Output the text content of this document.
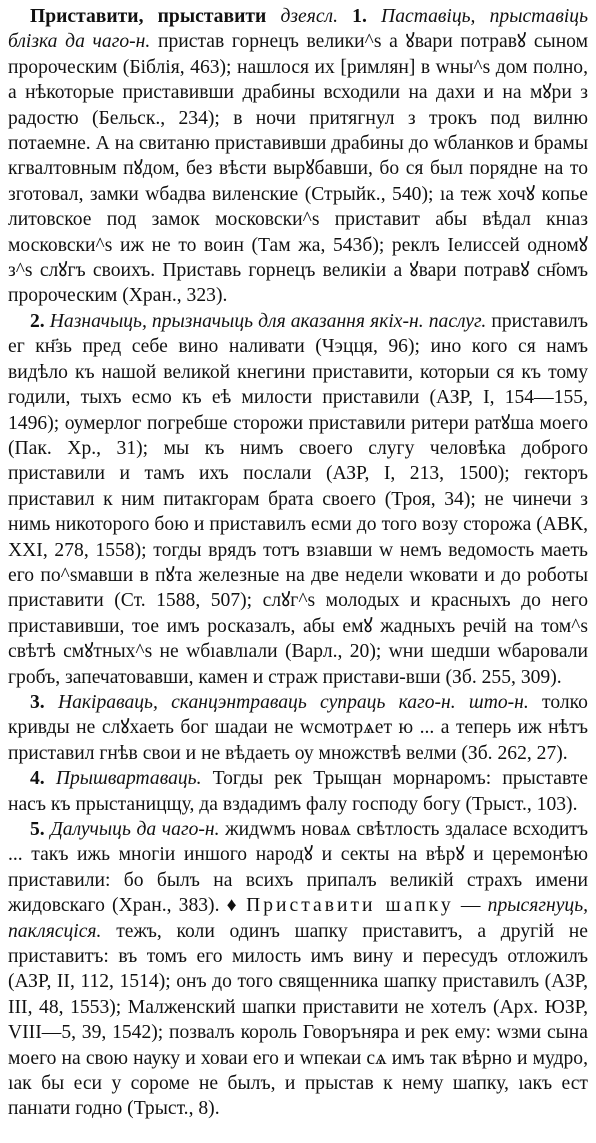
Приставити, прыставити дзеясл. 1. Паставіць, прыставіць блізка да чаго-н. пристав горнецъ велики^s а ꙋвари потравꙋ сыном пророческим (Біблія, 463); нашлося их [римлян] в wны^s дом полно, а нѣкоторые приставивши драбины всходили на дахи и на мꙋри з радостю (Бельск., 234); в ночи притягнул з трокъ под вилню потаемне. А на свитаню приставивши драбины до wбланков и брамы кгвалтовным пꙋдом, без вѣсти вырꙋбавши, бо ся был порядне на то зготовал, замки wбадва виленские (Стрыйк., 540); ıа теж хочꙋ копье литовское под замок московски^s приставит абы вѣдал кнıаз московски^s иж не то воин (Там жа, 543б); реклъ Іелиссей одномꙋ з^s слꙋгъ своихъ. Приставь горнецъ великіи а ꙋвари потравꙋ сн҃омъ пророческим (Хран., 323).

2. Назначыць, прызначыць для аказання якіх-н. паслуг. приставилъ ег кн҃зь пред себе вино наливати (Чэцця, 96); ино кого ся намъ видѣло къ нашой великой кнегини приставити, которыи ся къ тому годили, тыхъ есмо къ еѣ милости приставили (АЗР, I, 154—155, 1496); оумерлог погребше сторожи приставили ритери ратꙋша моего (Пак. Хр., 31); мы къ нимъ своего слугу человѣка доброго приставили и тамъ ихъ послали (АЗР, I, 213, 1500); гекторъ приставил к ним питакгорам брата своего (Троя, 34); не чинечи з нимь никоторого бою и приставилъ есми до того возу сторожа (АВК, XXI, 278, 1558); тогды врядъ тотъ взıавши w немъ ведомость маеть его по^sмавши в пꙋта железные на две недели wковати и до роботы приставити (Ст. 1588, 507); слꙋг^s молодых и красныхъ до него приставивши, тое имъ росказалъ, абы емꙋ жадныхъ речій на том^s свѣтѣ смꙋтных^s не wбıавлıали (Варл., 20); wни шедши wбаровали гробъ, запечатовавши, камен и страж пристави-вши (Зб. 255, 309).

3. Накіраваць, сканцэнтраваць супраць каго-н. што-н. толко кривды не слꙋхаеть бог шадаи не wсмотрѧет ю ... а теперь иж нѣтъ приставил гнѣв свои и не вѣдаеть оу множствѣ велми (Зб. 262, 27).

4. Прышвартаваць. Тогды рек Трыщан морнаромъ: прыставте насъ къ прыстаницщу, да вздадимъ фалу господу богу (Трыст., 103).

5. Далучыць да чаго-н. жидwмъ новаѧ свѣтлость здаласе всходитъ ... такъ ижь многіи иншого народꙋ и секты на вѣрꙋ и церемонѣю приставили: бо былъ на всихъ припалъ великій страхъ имени жидовскаго (Хран., 383). ♦ Приставити шапку — прысягнуць, паклясціся. тежъ, коли одинъ шапку приставитъ, а другій не приставитъ: въ томъ его милость имъ вину и пересудъ отложилъ (АЗР, II, 112, 1514); онъ до того священника шапку приставилъ (АЗР, III, 48, 1553); Малженский шапки приставити не хотелъ (Арх. ЮЗР, VIII—5, 39, 1542); позвалъ король Говоръняра и рек ему: wзми сына моего на свою науку и ховаи его и wпекаи сѧ имъ так вѣрно и мудро, ıак бы еси у сороме не былъ, и прыстав к нему шапку, ıакъ ест панıати годно (Трыст., 8).
